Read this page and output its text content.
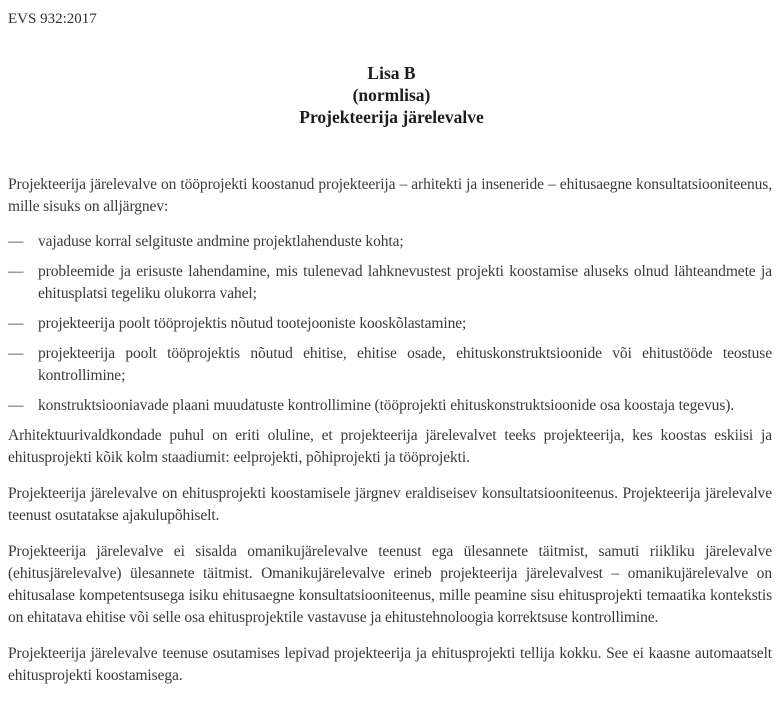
EVS 932:2017
Lisa B
(normlisa)
Projekteerija järelevalve

Projekteerija järelevalve on tööprojekti koostanud projekteerija – arhitekti ja inseneride – ehitusaegne konsultatsiooniteenus, mille sisuks on alljärgnev:

— vajaduse korral selgituste andmine projektlahenduste kohta;
— probleemide ja erisuste lahendamine, mis tulenevad lahknevustest projekti koostamise aluseks olnud lähteandmete ja ehitusplatsi tegeliku olukorra vahel;
— projekteerija poolt tööprojektis nõutud tootejooniste kooskõlastamine;
— projekteerija poolt tööprojektis nõutud ehitise, ehitise osade, ehituskonstruktsioonide või ehitustööde teostuse kontrollimine;
— konstruktsiooniavade plaani muudatuste kontrollimine (tööprojekti ehituskonstruktsioonide osa koostaja tegevus).

Arhitektuurivaldkondade puhul on eriti oluline, et projekteerija järelevalvet teeks projekteerija, kes koostas eskiisi ja ehitusprojekti kõik kolm staadiumit: eelprojekti, põhiprojekti ja tööprojekti.

Projekteerija järelevalve on ehitusprojekti koostamisele järgnev eraldiseisev konsultatsiooniteenus. Projekteerija järelevalve teenust osutatakse ajakulupõhiselt.

Projekteerija järelevalve ei sisalda omanikujärelevalve teenust ega ülesannete täitmist, samuti riikliku järelevalve (ehitusjärelevalve) ülesannete täitmist. Omanikujärelevalve erineb projekteerija järelevalvest – omanikujärelevalve on ehitusalase kompetentsusega isiku ehitusaegne konsultatsiooniteenus, mille peamine sisu ehitusprojekti temaatika kontekstis on ehitatava ehitise või selle osa ehitusprojektile vastavuse ja ehitustehnoloogia korrektsuse kontrollimine.

Projekteerija järelevalve teenuse osutamises lepivad projekteerija ja ehitusprojekti tellija kokku. See ei kaasne automaatselt ehitusprojekti koostamisega.
